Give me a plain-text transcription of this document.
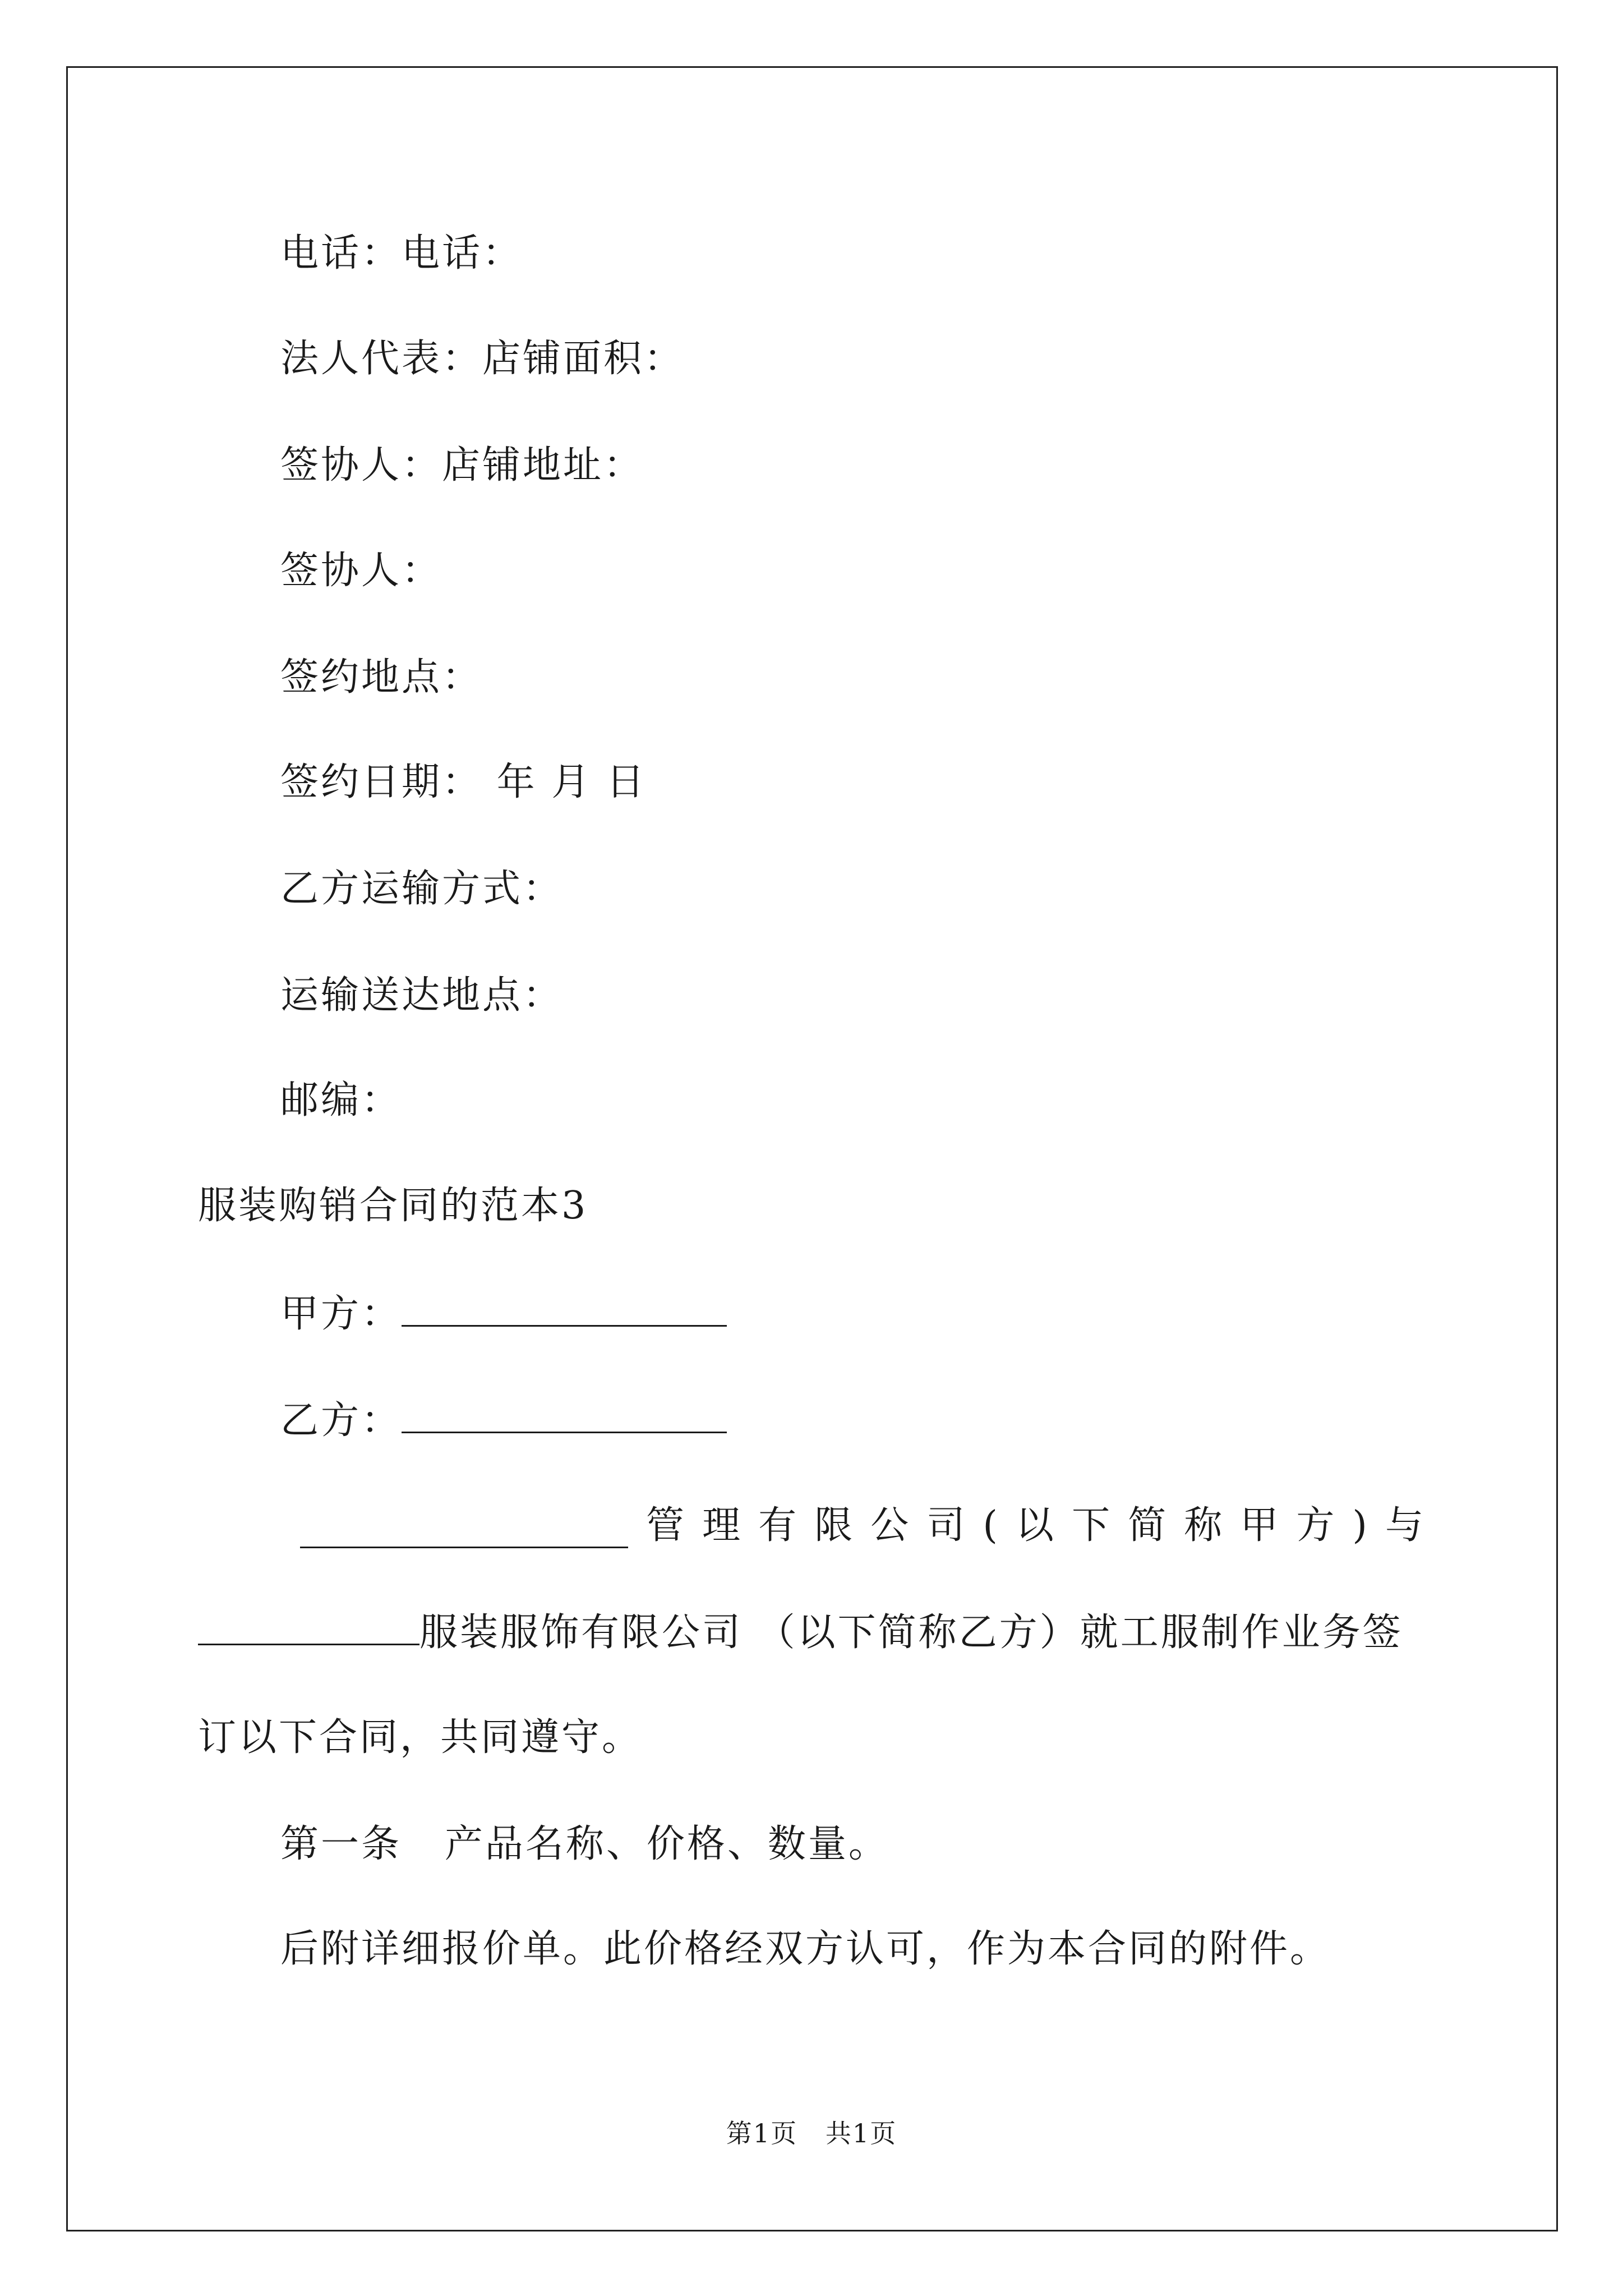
电话：电话：
法人代表：店铺面积：
签协人：店铺地址：
签协人：
签约地点：
签约日期： 年 月 日
乙方运输方式：
运输送达地点：
邮编：
服装购销合同的范本3
甲方：
乙方：
管 理 有 限 公 司 ( 以 下 简 称 甲 方 ) 与
服装服饰有限公司 （以下简称乙方）就工服制作业务签
订以下合同，共同遵守。
第一条   产品名称、价格、数量。
后附详细报价单。此价格经双方认可，作为本合同的附件。
第1页   共1页
